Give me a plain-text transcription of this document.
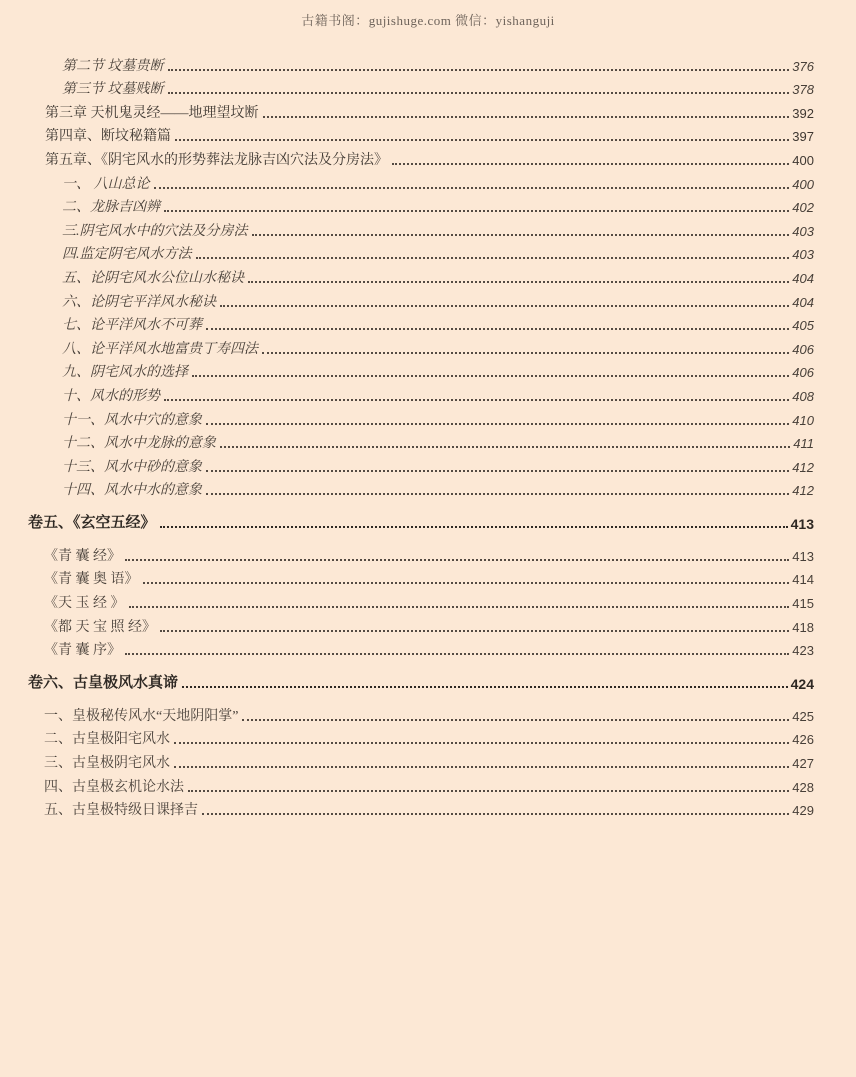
古籍书阁：gujishuge.com 微信：yishanguji
第二节 坟墓贵断	376
第三节 坟墓贱断	378
第三章 天机鬼灵经——地理望坟断	392
第四章、断坟秘籍篇	397
第五章、《阴宅风水的形势葬法龙脉吉凶穴法及分房法》	400
一、 八山总论	400
二、龙脉吉凶辨	402
三.阴宅风水中的穴法及分房法	403
四.监定阴宅风水方法	403
五、论阴宅风水公位山水秘诀	404
六、论阴宅平洋风水秘诀	404
七、论平洋风水不可葬	405
八、论平洋风水地富贵丁寿四法	406
九、阴宅风水的选择	406
十、风水的形势	408
十一、风水中穴的意象	410
十二、风水中龙脉的意象	411
十三、风水中砂的意象	412
十四、风水中水的意象	412
卷五、《玄空五经》	413
《青 囊 经》	413
《青 囊 奥 语》	414
《天 玉 经 》	415
《都 天 宝 照 经》	418
《青 囊 序》	423
卷六、古皇极风水真谛	424
一、皇极秘传风水“天地阴阳掌”	425
二、古皇极阳宅风水	426
三、古皇极阴宅风水	427
四、古皇极玄机论水法	428
五、古皇极特级日课择吉	429
